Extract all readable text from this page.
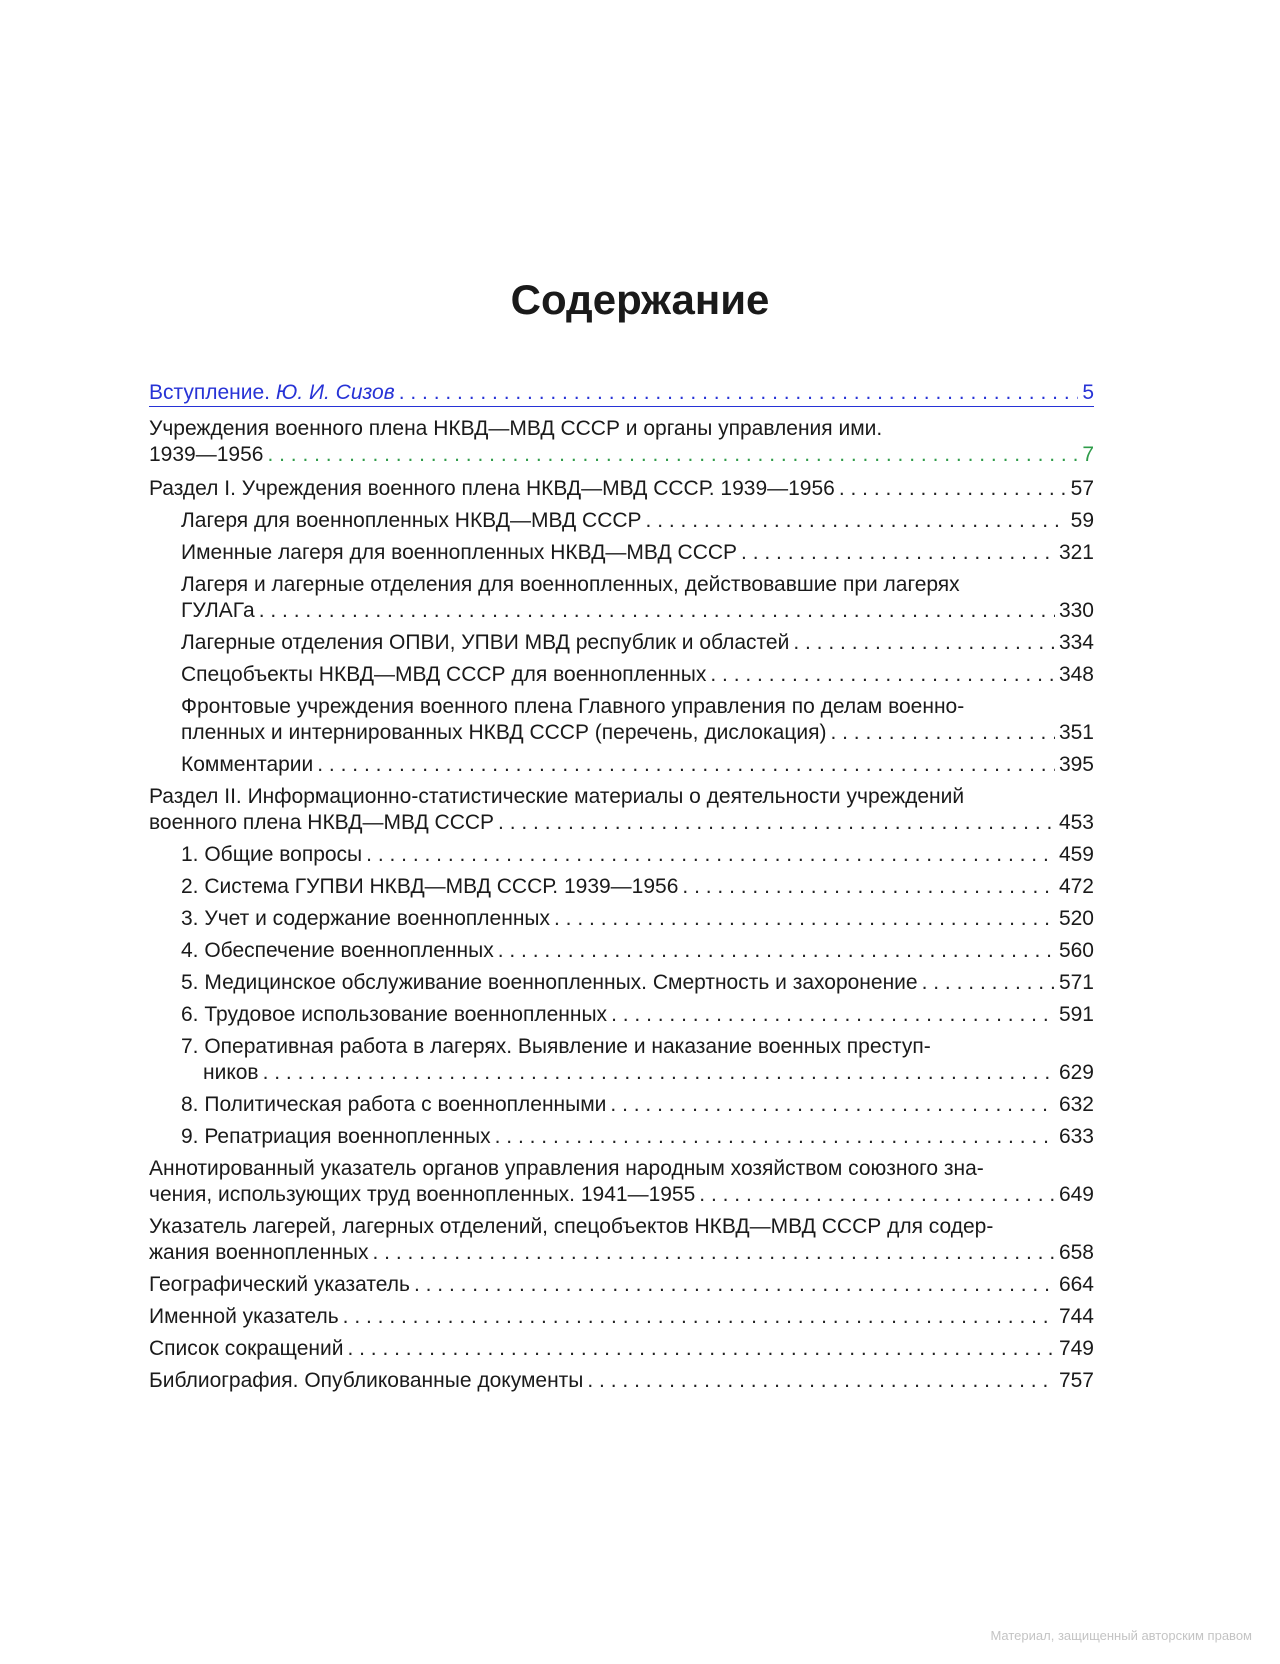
Содержание
Вступление. Ю. И. Сизов . . .	5
Учреждения военного плена НКВД—МВД СССР и органы управления ими.
1939—1956 . . .	7
Раздел I. Учреждения военного плена НКВД—МВД СССР. 1939—1956 . . .	57
Лагеря для военнопленных НКВД—МВД СССР . . .	59
Именные лагеря для военнопленных НКВД—МВД СССР . . .	321
Лагеря и лагерные отделения для военнопленных, действовавшие при лагерях
ГУЛАГа . . .	330
Лагерные отделения ОПВИ, УПВИ МВД республик и областей . . .	334
Спецобъекты НКВД—МВД СССР для военнопленных . . .	348
Фронтовые учреждения военного плена Главного управления по делам военно-
пленных и интернированных НКВД СССР (перечень, дислокация) . . .	351
Комментарии . . .	395
Раздел II. Информационно-статистические материалы о деятельности учреждений
военного плена НКВД—МВД СССР . . .	453
1. Общие вопросы . . .	459
2. Система ГУПВИ НКВД—МВД СССР. 1939—1956 . . .	472
3. Учет и содержание военнопленных . . .	520
4. Обеспечение военнопленных . . .	560
5. Медицинское обслуживание военнопленных. Смертность и захоронение . . .	571
6. Трудовое использование военнопленных . . .	591
7. Оперативная работа в лагерях. Выявление и наказание военных преступ-
ников . . .	629
8. Политическая работа с военнопленными . . .	632
9. Репатриация военнопленных . . .	633
Аннотированный указатель органов управления народным хозяйством союзного зна-
чения, использующих труд военнопленных. 1941—1955 . . .	649
Указатель лагерей, лагерных отделений, спецобъектов НКВД—МВД СССР для содер-
жания военнопленных . . .	658
Географический указатель . . .	664
Именной указатель . . .	744
Список сокращений . . .	749
Библиография. Опубликованные документы . . .	757
Материал, защищенный авторским правом
